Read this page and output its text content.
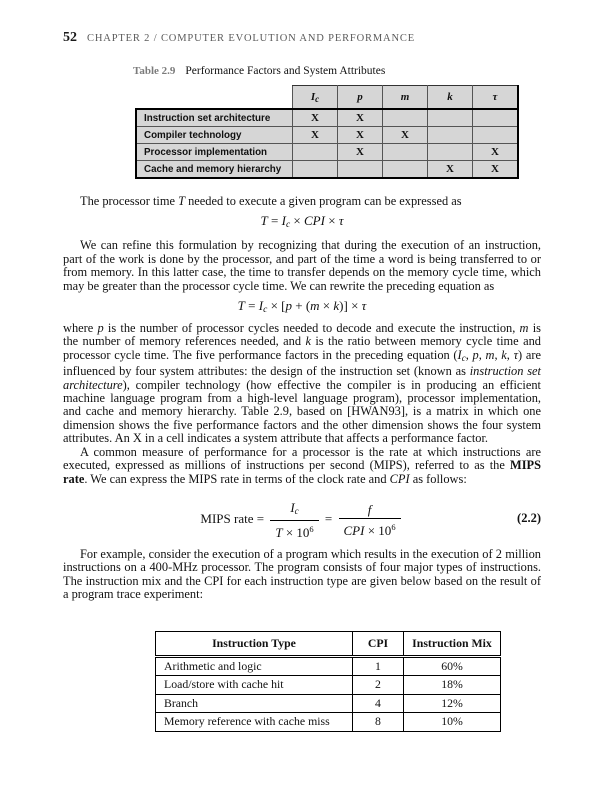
52 CHAPTER 2 / COMPUTER EVOLUTION AND PERFORMANCE
Table 2.9 Performance Factors and System Attributes
	Ic	p	m	k	τ
Instruction set architecture	X	X			
Compiler technology	X	X	X		
Processor implementation		X			X
Cache and memory hierarchy				X	X

The processor time T needed to execute a given program can be expressed as

T = Ic × CPI × τ

We can refine this formulation by recognizing that during the execution of an instruction, part of the work is done by the processor, and part of the time a word is being transferred to or from memory. In this latter case, the time to transfer depends on the memory cycle time, which may be greater than the processor cycle time. We can rewrite the preceding equation as

T = Ic × [p + (m × k)] × τ

where p is the number of processor cycles needed to decode and execute the instruction, m is the number of memory references needed, and k is the ratio between memory cycle time and processor cycle time. The five performance factors in the preceding equation (Ic, p, m, k, τ) are influenced by four system attributes: the design of the instruction set (known as instruction set architecture), compiler technology (how effective the compiler is in producing an efficient machine language program from a high-level language program), processor implementation, and cache and memory hierarchy. Table 2.9, based on [HWAN93], is a matrix in which one dimension shows the five performance factors and the other dimension shows the four system attributes. An X in a cell indicates a system attribute that affects a performance factor.

A common measure of performance for a processor is the rate at which instructions are executed, expressed as millions of instructions per second (MIPS), referred to as the MIPS rate. We can express the MIPS rate in terms of the clock rate and CPI as follows:

MIPS rate = $\frac{Ic}{T \times 10^6} = \frac{f}{CPI \times 10^6}$	(2.2)

For example, consider the execution of a program which results in the execution of 2 million instructions on a 400-MHz processor. The program consists of four major types of instructions. The instruction mix and the CPI for each instruction type are given below based on the result of a program trace experiment:

Instruction Type	CPI	Instruction Mix
Arithmetic and logic	1	60%
Load/store with cache hit	2	18%
Branch	4	12%
Memory reference with cache miss	8	10%
